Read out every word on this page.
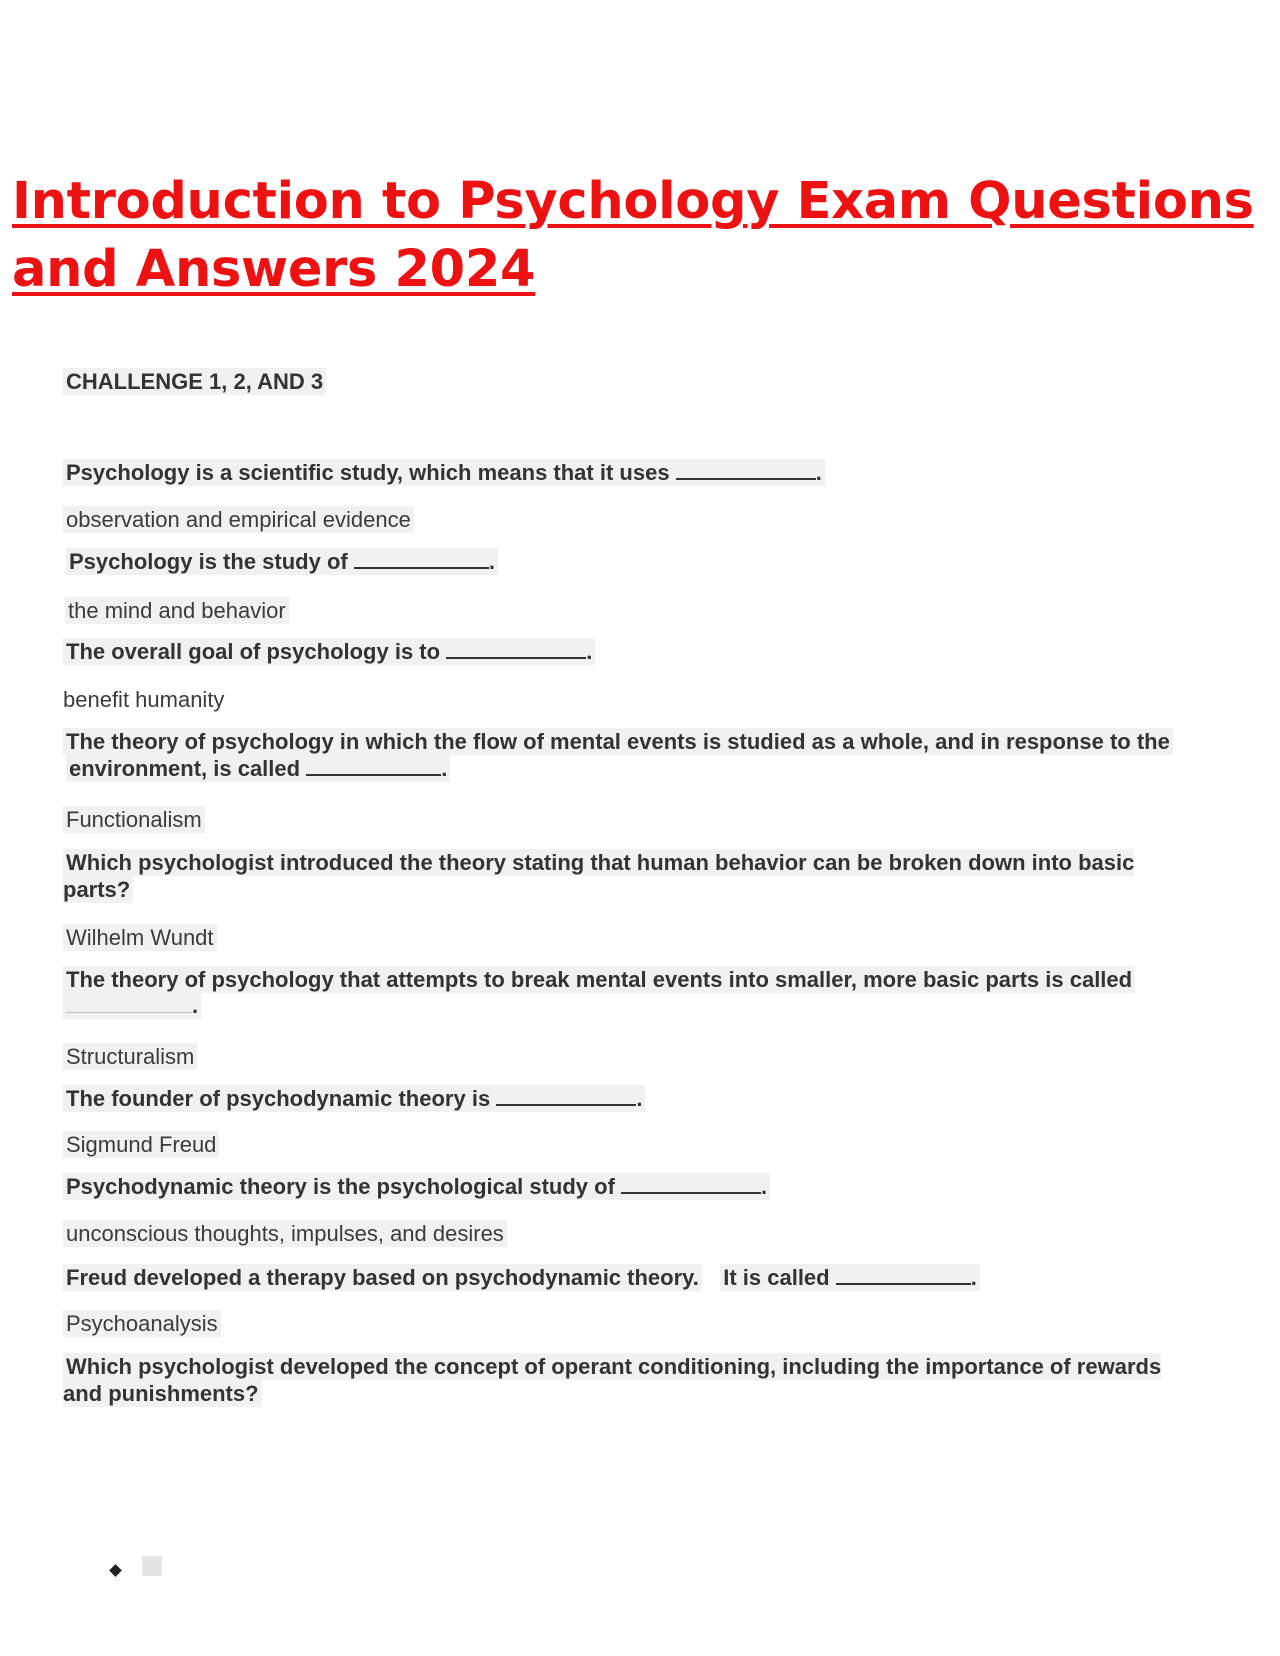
Introduction to Psychology Exam Questions and Answers 2024
CHALLENGE 1, 2, AND 3
Psychology is a scientific study, which means that it uses	.
observation and empirical evidence
Psychology is the study of	.
the mind and behavior
The overall goal of psychology is to	.
benefit humanity
The theory of psychology in which the flow of mental events is studied as a whole, and in response to the
environment, is called	.
Functionalism
Which psychologist introduced the theory stating that human behavior can be broken down into basic parts?
Wilhelm Wundt
The theory of psychology that attempts to break mental events into smaller, more basic parts is called
.
Structuralism
The founder of psychodynamic theory is	.
Sigmund Freud
Psychodynamic theory is the psychological study of	.
unconscious thoughts, impulses, and desires
Freud developed a therapy based on psychodynamic theory. It is called	.
Psychoanalysis
Which psychologist developed the concept of operant conditioning, including the importance of rewards and punishments?
